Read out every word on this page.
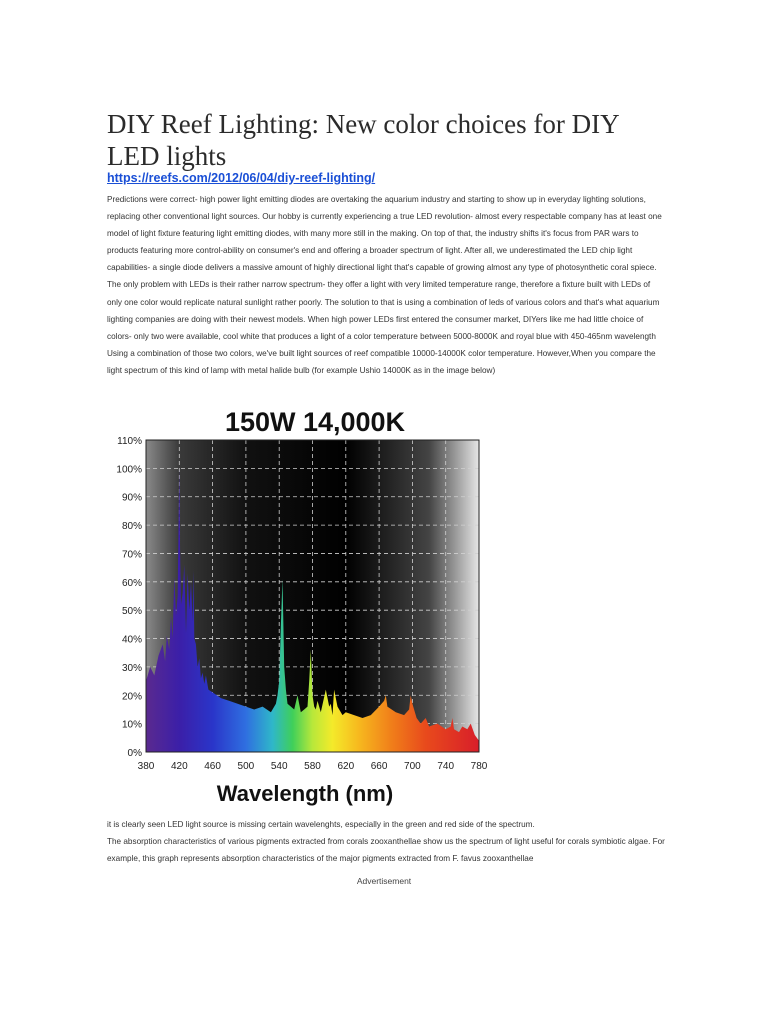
DIY Reef Lighting: New color choices for DIY LED lights
https://reefs.com/2012/06/04/diy-reef-lighting/

Predictions were correct- high power light emitting diodes are overtaking the aquarium industry and starting to show up in everyday lighting solutions, replacing other conventional light sources. Our hobby is currently experiencing a true LED revolution- almost every respectable company has at least one model of light fixture featuring light emitting diodes, with many more still in the making. On top of that, the industry shifts it's focus from PAR wars to products featuring more control-ability on consumer's end and offering a broader spectrum of light. After all, we underestimated the LED chip light capabilities- a single diode delivers a massive amount of highly directional light that's capable of growing almost any type of photosynthetic coral spiece. The only problem with LEDs is their rather narrow spectrum- they offer a light with very limited temperature range, therefore a fixture built with LEDs of only one color would replicate natural sunlight rather poorly. The solution to that is using a combination of leds of various colors and that's what aquarium lighting companies are doing with their newest models. When high power LEDs first entered the consumer market, DIYers like me had little choice of colors- only two were available, cool white that produces a light of a color temperature between 5000-8000K and royal blue with 450-465nm wavelength Using a combination of those two colors, we've built light sources of reef compatible 10000-14000K color temperature. However,When you compare the light spectrum of this kind of lamp with metal halide bulb (for example Ushio 14000K as in the image below)

150W 14,000K
0%
10%
20%
30%
40%
50%
60%
70%
80%
90%
100%
110%
380 420 460 500 540 580 620 660 700 740 780
Wavelength (nm)

it is clearly seen LED light source is missing certain wavelenghts, especially in the green and red side of the spectrum.

The absorption characteristics of various pigments extracted from corals zooxanthellae show us the spectrum of light useful for corals symbiotic algae. For example, this graph represents absorption characteristics of the major pigments extracted from F. favus zooxanthellae

Advertisement
